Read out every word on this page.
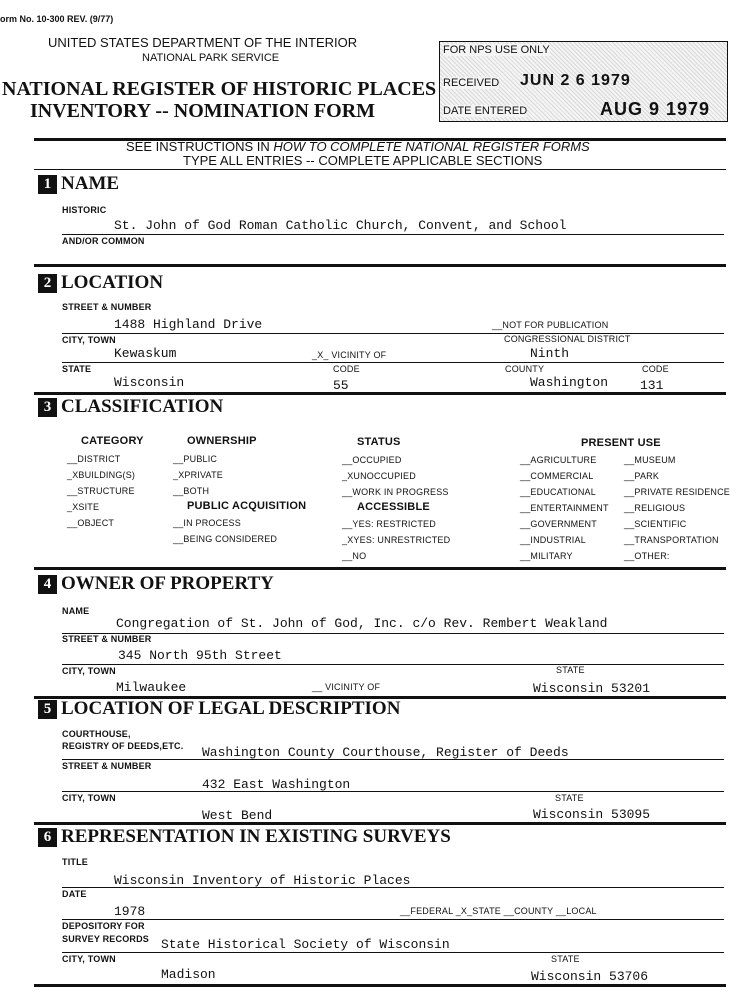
orm No. 10-300 REV. (9/77)
UNITED STATES DEPARTMENT OF THE INTERIOR
NATIONAL PARK SERVICE
NATIONAL REGISTER OF HISTORIC PLACES
INVENTORY -- NOMINATION FORM
FOR NPS USE ONLY
RECEIVED JUN 2 6 1979
DATE ENTERED	AUG 9 1979
SEE INSTRUCTIONS IN HOW TO COMPLETE NATIONAL REGISTER FORMS
TYPE ALL ENTRIES -- COMPLETE APPLICABLE SECTIONS
1 NAME
HISTORIC
St. John of God Roman Catholic Church, Convent, and School
AND/OR COMMON
2 LOCATION
STREET & NUMBER
1488 Highland Drive	__NOT FOR PUBLICATION
CITY, TOWN	CONGRESSIONAL DISTRICT
Kewaskum	_X_ VICINITY OF	Ninth
STATE	CODE	COUNTY	CODE
Wisconsin	55	Washington 131
3 CLASSIFICATION
CATEGORY
__DISTRICT
_XBUILDING(S)
__STRUCTURE
_XSITE
__OBJECT
OWNERSHIP
__PUBLIC
_XPRIVATE
__BOTH
PUBLIC ACQUISITION
__IN PROCESS
__BEING CONSIDERED
STATUS
__OCCUPIED
_XUNOCCUPIED
__WORK IN PROGRESS
ACCESSIBLE
__YES: RESTRICTED
_XYES: UNRESTRICTED
__NO
PRESENT USE
__AGRICULTURE
__COMMERCIAL
__EDUCATIONAL
__ENTERTAINMENT
__GOVERNMENT
__INDUSTRIAL
__MILITARY
__MUSEUM
__PARK
__PRIVATE RESIDENCE
__RELIGIOUS
__SCIENTIFIC
__TRANSPORTATION
__OTHER:
4 OWNER OF PROPERTY
NAME
Congregation of St. John of God, Inc. c/o Rev. Rembert Weakland
STREET & NUMBER
345 North 95th Street
CITY, TOWN	STATE
Milwaukee	__ VICINITY OF	Wisconsin 53201
5 LOCATION OF LEGAL DESCRIPTION
COURTHOUSE,
REGISTRY OF DEEDS,ETC. Washington County Courthouse, Register of Deeds
STREET & NUMBER
432 East Washington
CITY, TOWN	STATE
West Bend	Wisconsin 53095
6 REPRESENTATION IN EXISTING SURVEYS
TITLE
Wisconsin Inventory of Historic Places
DATE
1978	__FEDERAL _X_STATE __COUNTY __LOCAL
DEPOSITORY FOR
SURVEY RECORDS State Historical Society of Wisconsin
CITY, TOWN	STATE
Madison	Wisconsin 53706
